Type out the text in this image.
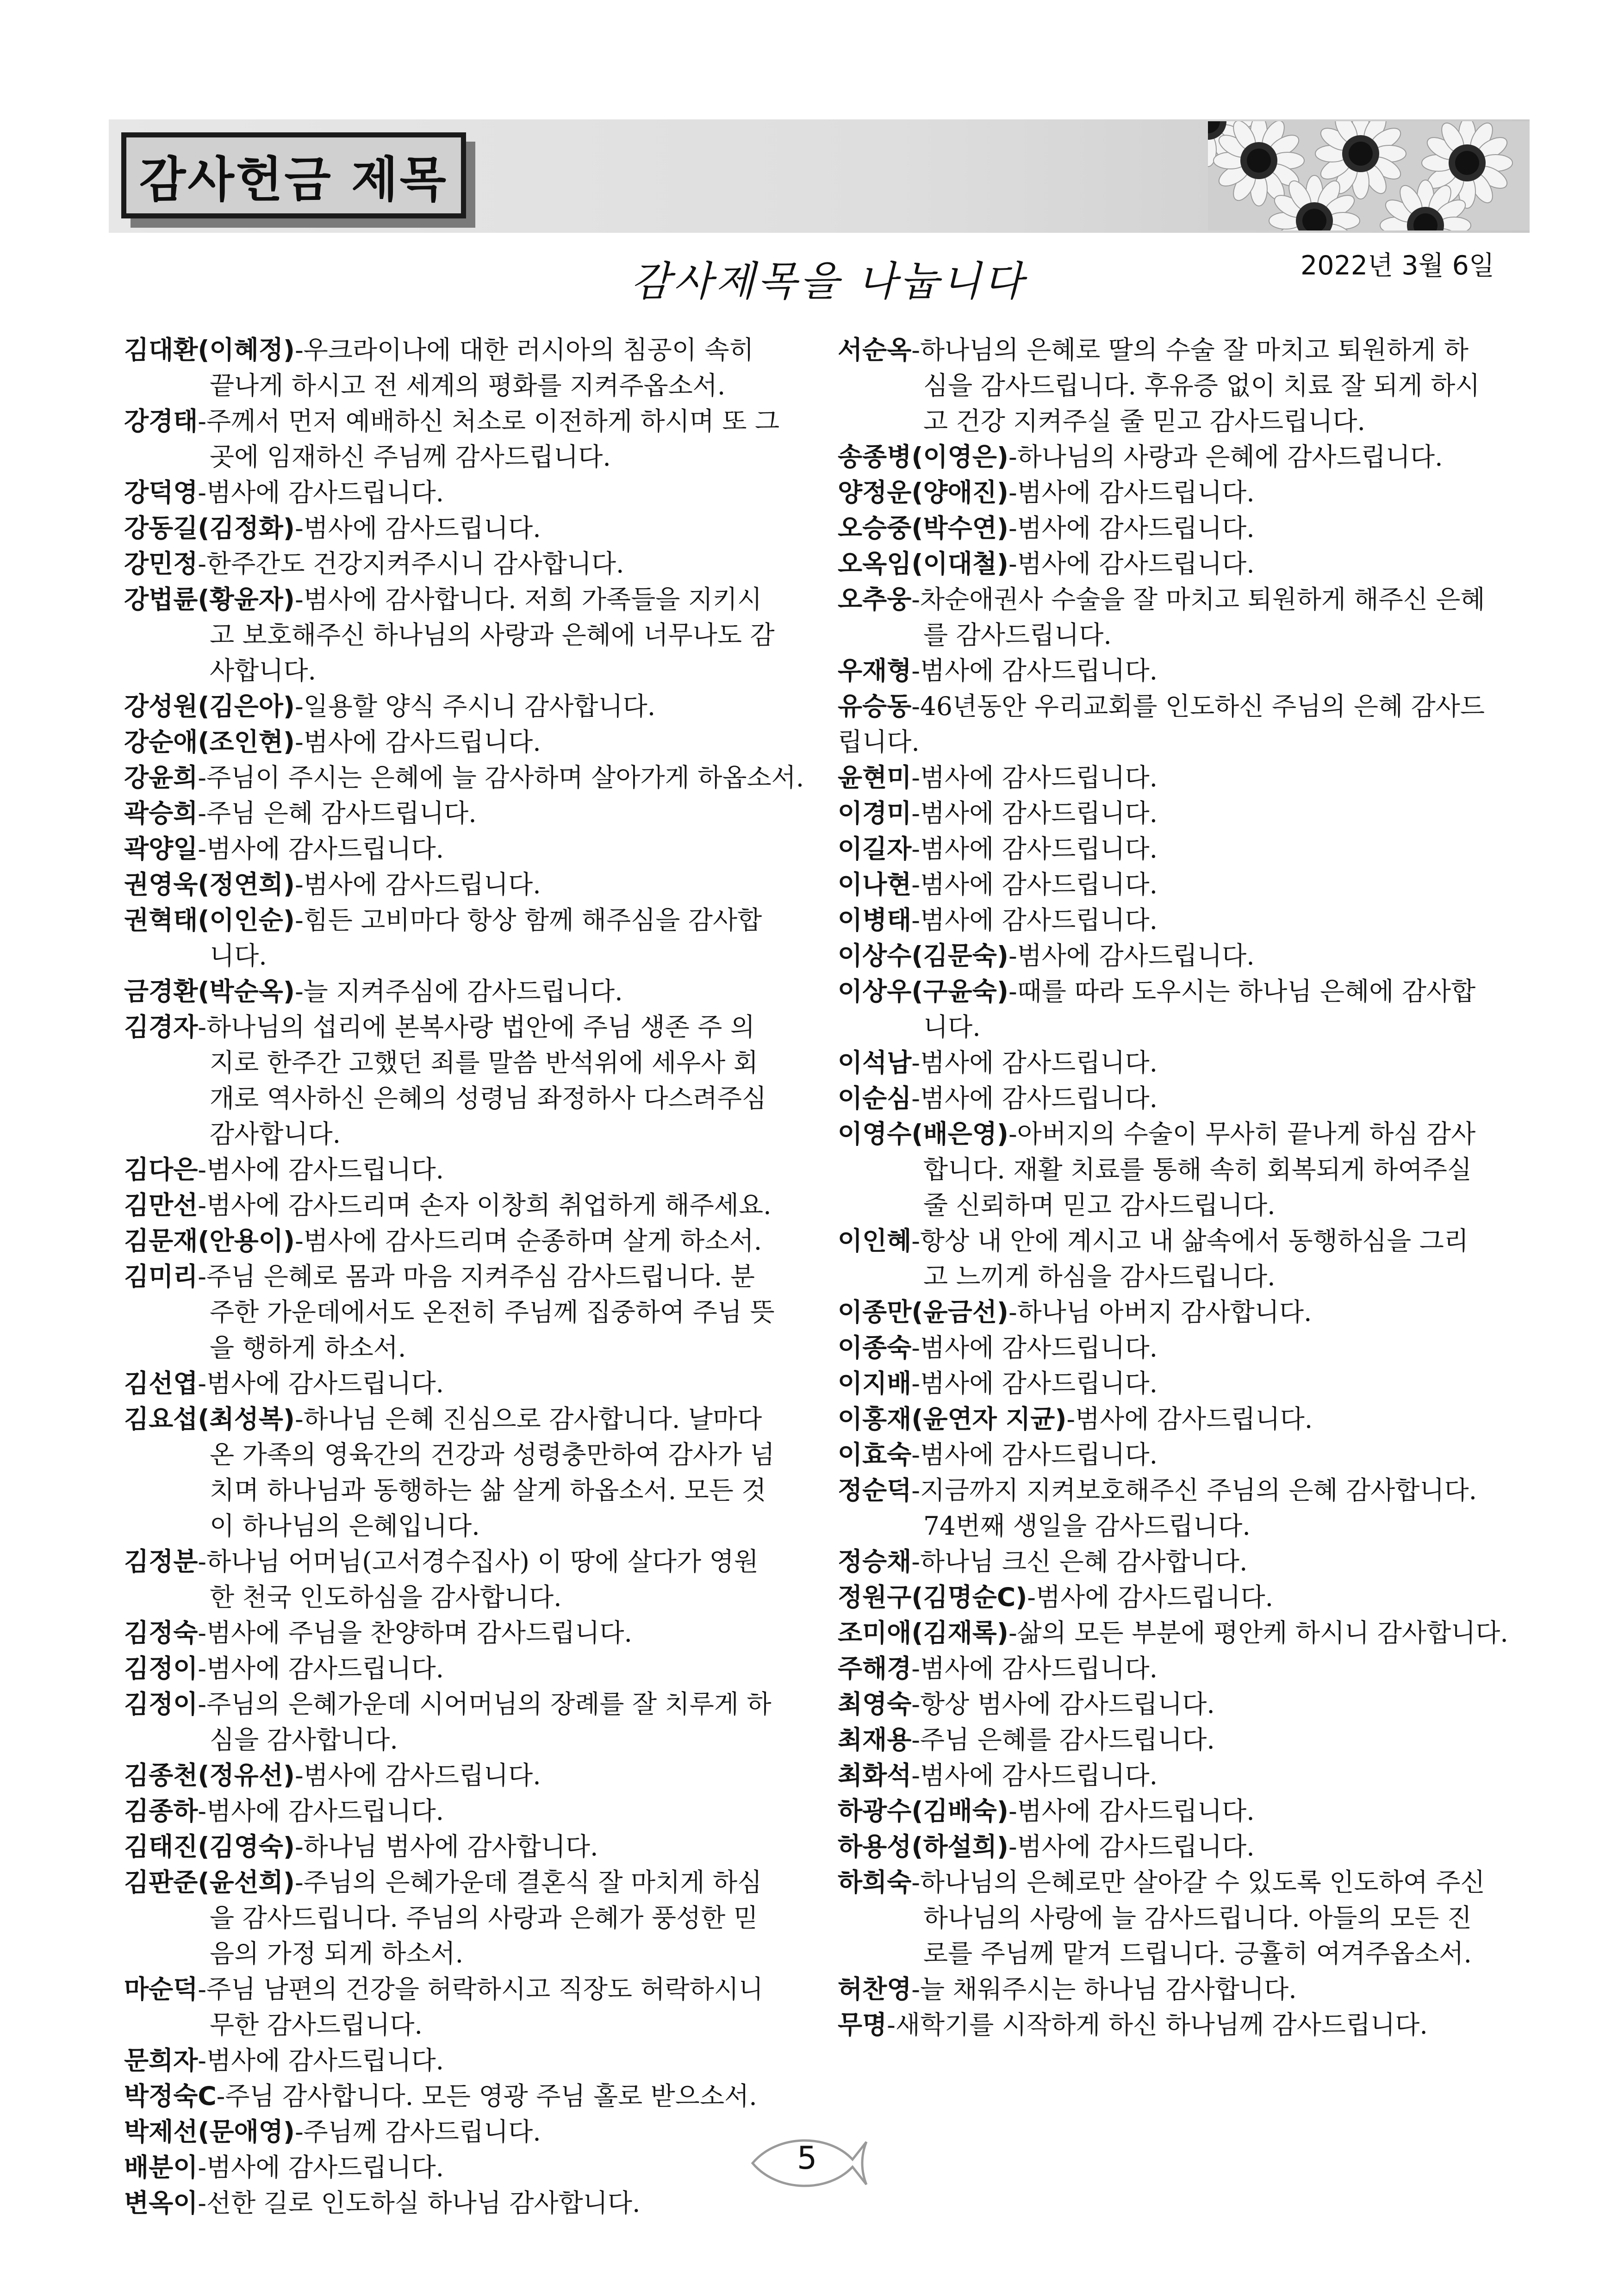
감사헌금 제목
감사제목을 나눕니다	2022년 3월 6일
김대환(이혜정)-우크라이나에 대한 러시아의 침공이 속히
끝나게 하시고 전 세계의 평화를 지켜주옵소서.
강경태-주께서 먼저 예배하신 처소로 이전하게 하시며 또 그
곳에 임재하신 주님께 감사드립니다.
강덕영-범사에 감사드립니다.
강동길(김정화)-범사에 감사드립니다.
강민정-한주간도 건강지켜주시니 감사합니다.
강법륜(황윤자)-범사에 감사합니다. 저희 가족들을 지키시
고 보호해주신 하나님의 사랑과 은혜에 너무나도 감
사합니다.
강성원(김은아)-일용할 양식 주시니 감사합니다.
강순애(조인현)-범사에 감사드립니다.
강윤희-주님이 주시는 은혜에 늘 감사하며 살아가게 하옵소서.
곽승희-주님 은혜 감사드립니다.
곽양일-범사에 감사드립니다.
권영욱(정연희)-범사에 감사드립니다.
권혁태(이인순)-힘든 고비마다 항상 함께 해주심을 감사합
니다.
금경환(박순옥)-늘 지켜주심에 감사드립니다.
김경자-하나님의 섭리에 본복사랑 법안에 주님 생존 주 의
지로 한주간 고했던 죄를 말씀 반석위에 세우사 회
개로 역사하신 은혜의 성령님 좌정하사 다스려주심
감사합니다.
김다은-범사에 감사드립니다.
김만선-범사에 감사드리며 손자 이창희 취업하게 해주세요.
김문재(안용이)-범사에 감사드리며 순종하며 살게 하소서.
김미리-주님 은혜로 몸과 마음 지켜주심 감사드립니다. 분
주한 가운데에서도 온전히 주님께 집중하여 주님 뜻
을 행하게 하소서.
김선엽-범사에 감사드립니다.
김요섭(최성복)-하나님 은혜 진심으로 감사합니다. 날마다
온 가족의 영육간의 건강과 성령충만하여 감사가 넘
치며 하나님과 동행하는 삶 살게 하옵소서. 모든 것
이 하나님의 은혜입니다.
김정분-하나님 어머님(고서경수집사) 이 땅에 살다가 영원
한 천국 인도하심을 감사합니다.
김정숙-범사에 주님을 찬양하며 감사드립니다.
김정이-범사에 감사드립니다.
김정이-주님의 은혜가운데 시어머님의 장례를 잘 치루게 하
심을 감사합니다.
김종천(정유선)-범사에 감사드립니다.
김종하-범사에 감사드립니다.
김태진(김영숙)-하나님 범사에 감사합니다.
김판준(윤선희)-주님의 은혜가운데 결혼식 잘 마치게 하심
을 감사드립니다. 주님의 사랑과 은혜가 풍성한 믿
음의 가정 되게 하소서.
마순덕-주님 남편의 건강을 허락하시고 직장도 허락하시니
무한 감사드립니다.
문희자-범사에 감사드립니다.
박정숙C-주님 감사합니다. 모든 영광 주님 홀로 받으소서.
박제선(문애영)-주님께 감사드립니다.
배분이-범사에 감사드립니다.
변옥이-선한 길로 인도하실 하나님 감사합니다.
서순옥-하나님의 은혜로 딸의 수술 잘 마치고 퇴원하게 하
심을 감사드립니다. 후유증 없이 치료 잘 되게 하시
고 건강 지켜주실 줄 믿고 감사드립니다.
송종병(이영은)-하나님의 사랑과 은혜에 감사드립니다.
양정운(양애진)-범사에 감사드립니다.
오승중(박수연)-범사에 감사드립니다.
오옥임(이대철)-범사에 감사드립니다.
오추웅-차순애권사 수술을 잘 마치고 퇴원하게 해주신 은혜
를 감사드립니다.
우재형-범사에 감사드립니다.
유승동-46년동안 우리교회를 인도하신 주님의 은혜 감사드
립니다.
윤현미-범사에 감사드립니다.
이경미-범사에 감사드립니다.
이길자-범사에 감사드립니다.
이나현-범사에 감사드립니다.
이병태-범사에 감사드립니다.
이상수(김문숙)-범사에 감사드립니다.
이상우(구윤숙)-때를 따라 도우시는 하나님 은혜에 감사합
니다.
이석남-범사에 감사드립니다.
이순심-범사에 감사드립니다.
이영수(배은영)-아버지의 수술이 무사히 끝나게 하심 감사
합니다. 재활 치료를 통해 속히 회복되게 하여주실
줄 신뢰하며 믿고 감사드립니다.
이인혜-항상 내 안에 계시고 내 삶속에서 동행하심을 그리
고 느끼게 하심을 감사드립니다.
이종만(윤금선)-하나님 아버지 감사합니다.
이종숙-범사에 감사드립니다.
이지배-범사에 감사드립니다.
이홍재(윤연자 지균)-범사에 감사드립니다.
이효숙-범사에 감사드립니다.
정순덕-지금까지 지켜보호해주신 주님의 은혜 감사합니다.
74번째 생일을 감사드립니다.
정승채-하나님 크신 은혜 감사합니다.
정원구(김명순C)-범사에 감사드립니다.
조미애(김재록)-삶의 모든 부분에 평안케 하시니 감사합니다.
주해경-범사에 감사드립니다.
최영숙-항상 범사에 감사드립니다.
최재용-주님 은혜를 감사드립니다.
최화석-범사에 감사드립니다.
하광수(김배숙)-범사에 감사드립니다.
하용성(하설희)-범사에 감사드립니다.
하희숙-하나님의 은혜로만 살아갈 수 있도록 인도하여 주신
하나님의 사랑에 늘 감사드립니다. 아들의 모든 진
로를 주님께 맡겨 드립니다. 긍휼히 여겨주옵소서.
허찬영-늘 채워주시는 하나님 감사합니다.
무명-새학기를 시작하게 하신 하나님께 감사드립니다.
5
